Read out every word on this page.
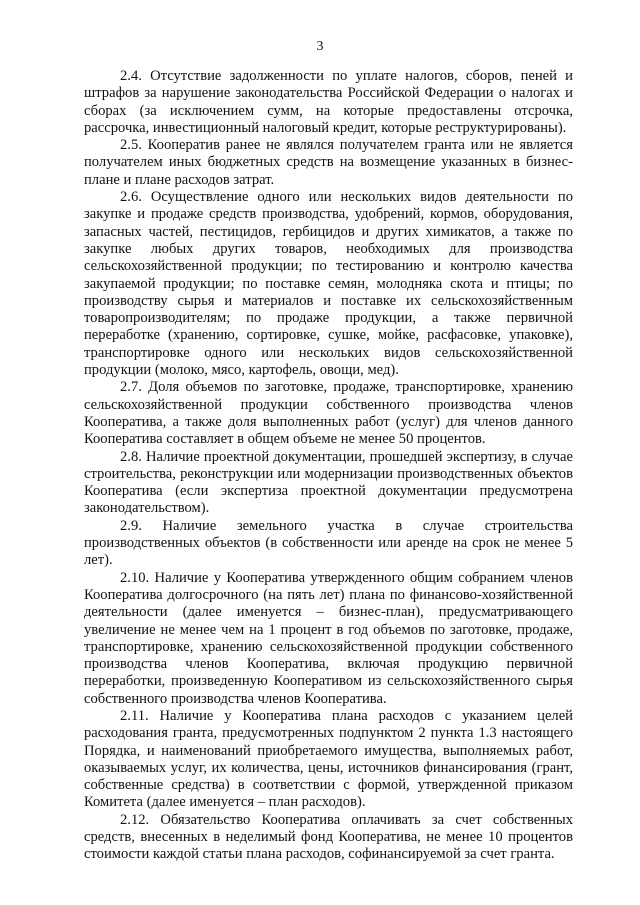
3

2.4. Отсутствие задолженности по уплате налогов, сборов, пеней и штрафов за нарушение законодательства Российской Федерации о налогах и сборах (за исключением сумм, на которые предоставлены отсрочка, рассрочка, инвестиционный налоговый кредит, которые реструктурированы).

2.5. Кооператив ранее не являлся получателем гранта или не является получателем иных бюджетных средств на возмещение указанных в бизнес-плане и плане расходов затрат.

2.6. Осуществление одного или нескольких видов деятельности по закупке и продаже средств производства, удобрений, кормов, оборудования, запасных частей, пестицидов, гербицидов и других химикатов, а также по закупке любых других товаров, необходимых для производства сельскохозяйственной продукции; по тестированию и контролю качества закупаемой продукции; по поставке семян, молодняка скота и птицы; по производству сырья и материалов и поставке их сельскохозяйственным товаропроизводителям; по продаже продукции, а также первичной переработке (хранению, сортировке, сушке, мойке, расфасовке, упаковке), транспортировке одного или нескольких видов сельскохозяйственной продукции (молоко, мясо, картофель, овощи, мед).

2.7. Доля объемов по заготовке, продаже, транспортировке, хранению сельскохозяйственной продукции собственного производства членов Кооператива, а также доля выполненных работ (услуг) для членов данного Кооператива составляет в общем объеме не менее 50 процентов.

2.8. Наличие проектной документации, прошедшей экспертизу, в случае строительства, реконструкции или модернизации производственных объектов Кооператива (если экспертиза проектной документации предусмотрена законодательством).

2.9. Наличие земельного участка в случае строительства производственных объектов (в собственности или аренде на срок не менее 5 лет).

2.10. Наличие у Кооператива утвержденного общим собранием членов Кооператива долгосрочного (на пять лет) плана по финансово-хозяйственной деятельности (далее именуется – бизнес-план), предусматривающего увеличение не менее чем на 1 процент в год объемов по заготовке, продаже, транспортировке, хранению сельскохозяйственной продукции собственного производства членов Кооператива, включая продукцию первичной переработки, произведенную Кооперативом из сельскохозяйственного сырья собственного производства членов Кооператива.

2.11. Наличие у Кооператива плана расходов с указанием целей расходования гранта, предусмотренных подпунктом 2 пункта 1.3 настоящего Порядка, и наименований приобретаемого имущества, выполняемых работ, оказываемых услуг, их количества, цены, источников финансирования (грант, собственные средства) в соответствии с формой, утвержденной приказом Комитета (далее именуется – план расходов).

2.12. Обязательство Кооператива оплачивать за счет собственных средств, внесенных в неделимый фонд Кооператива, не менее 10 процентов стоимости каждой статьи плана расходов, софинансируемой за счет гранта.
